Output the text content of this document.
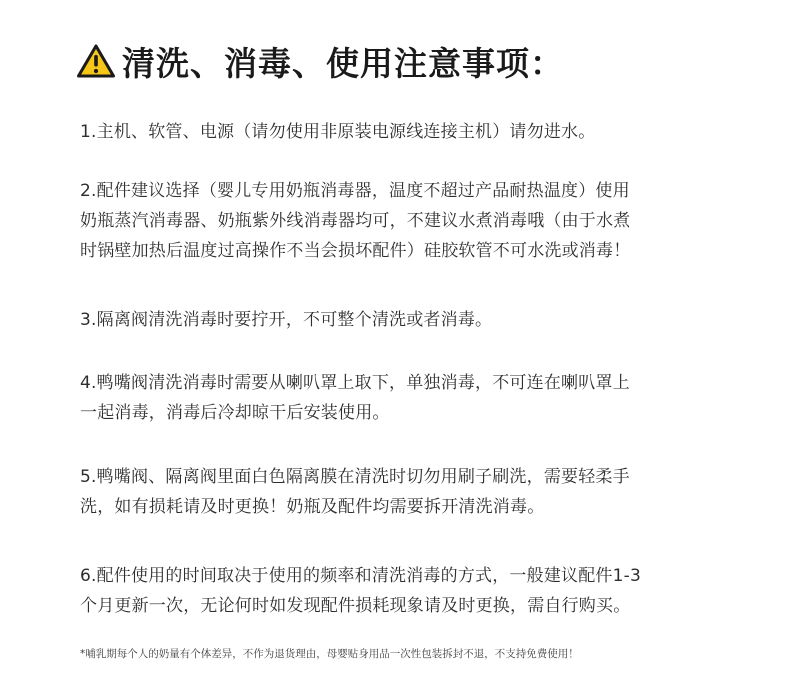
清洗、消毒、使用注意事项：
1.主机、软管、电源（请勿使用非原装电源线连接主机）请勿进水。
2.配件建议选择（婴儿专用奶瓶消毒器，温度不超过产品耐热温度）使用
奶瓶蒸汽消毒器、奶瓶紫外线消毒器均可，不建议水煮消毒哦（由于水煮
时锅壁加热后温度过高操作不当会损坏配件）硅胶软管不可水洗或消毒！
3.隔离阀清洗消毒时要拧开，不可整个清洗或者消毒。
4.鸭嘴阀清洗消毒时需要从喇叭罩上取下，单独消毒，不可连在喇叭罩上
一起消毒，消毒后冷却晾干后安装使用。
5.鸭嘴阀、隔离阀里面白色隔离膜在清洗时切勿用刷子刷洗，需要轻柔手
洗，如有损耗请及时更换！奶瓶及配件均需要拆开清洗消毒。
6.配件使用的时间取决于使用的频率和清洗消毒的方式，一般建议配件1-3
个月更新一次，无论何时如发现配件损耗现象请及时更换，需自行购买。
*哺乳期每个人的奶量有个体差异，不作为退货理由，母婴贴身用品一次性包装拆封不退，不支持免费使用！
